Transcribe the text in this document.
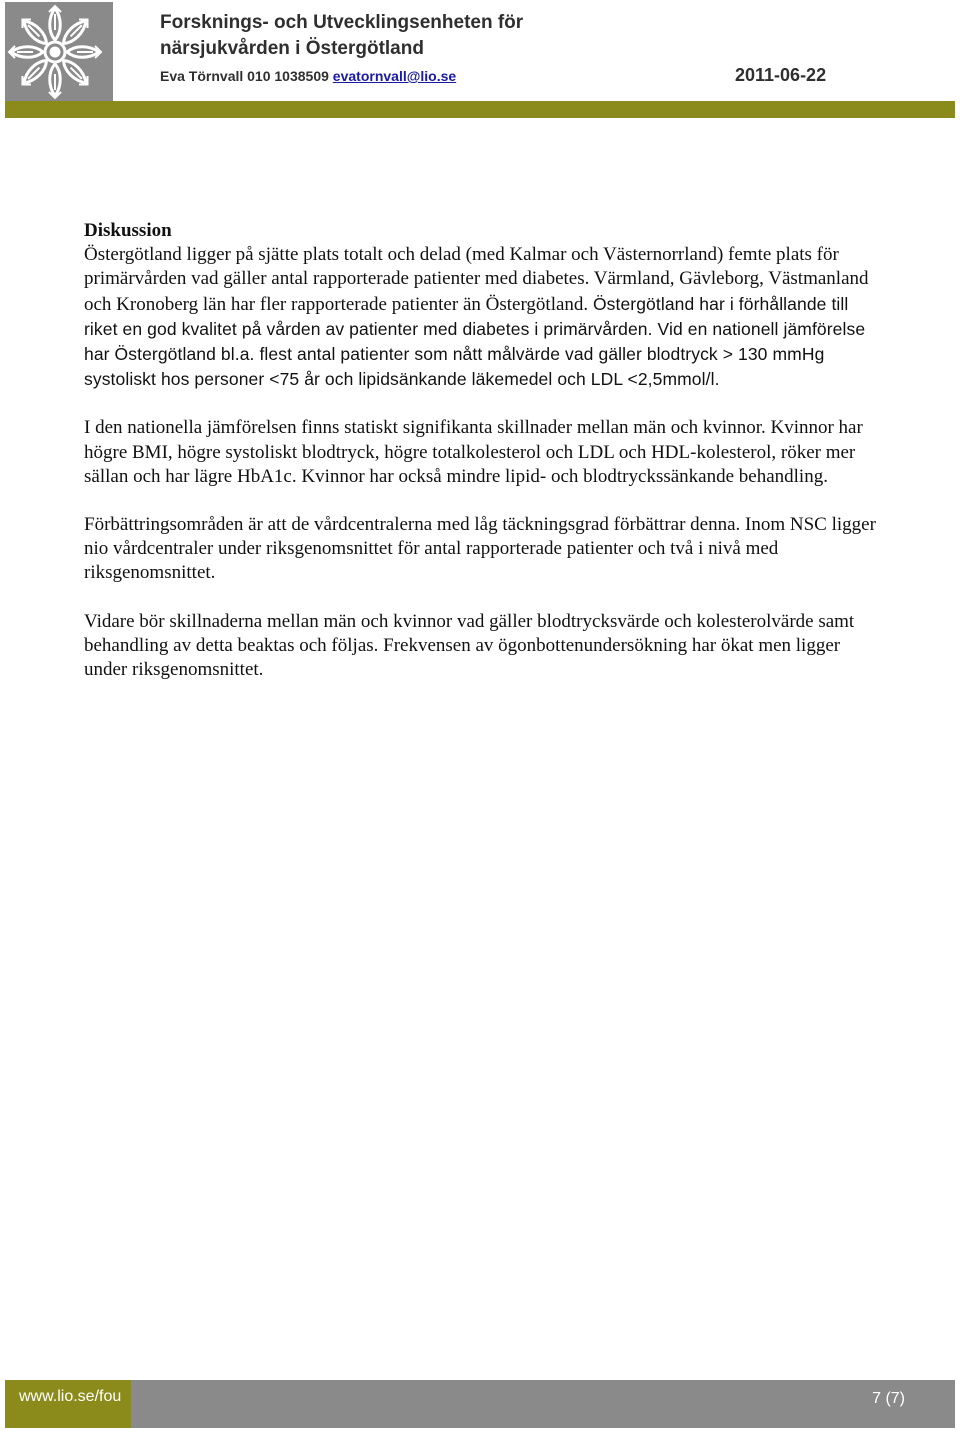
Forsknings- och Utvecklingsenheten för
närsjukvården i Östergötland
Eva Törnvall 010 1038509 evatornvall@lio.se	2011-06-22

Diskussion

Östergötland ligger på sjätte plats totalt och delad (med Kalmar och Västernorrland) femte plats för primärvården vad gäller antal rapporterade patienter med diabetes. Värmland, Gävleborg, Västmanland och Kronoberg län har fler rapporterade patienter än Östergötland. Östergötland har i förhållande till riket en god kvalitet på vården av patienter med diabetes i primärvården. Vid en nationell jämförelse har Östergötland bl.a. flest antal patienter som nått målvärde vad gäller blodtryck > 130 mmHg systoliskt hos personer <75 år och lipidsänkande läkemedel och LDL <2,5mmol/l.

I den nationella jämförelsen finns statiskt signifikanta skillnader mellan män och kvinnor. Kvinnor har högre BMI, högre systoliskt blodtryck, högre totalkolesterol och LDL och HDL-kolesterol, röker mer sällan och har lägre HbA1c. Kvinnor har också mindre lipid- och blodtryckssänkande behandling.

Förbättringsområden är att de vårdcentralerna med låg täckningsgrad förbättrar denna. Inom NSC ligger nio vårdcentraler under riksgenomsnittet för antal rapporterade patienter och två i nivå med riksgenomsnittet.

Vidare bör skillnaderna mellan män och kvinnor vad gäller blodtrycksvärde och kolesterolvärde samt behandling av detta beaktas och följas. Frekvensen av ögonbottenundersökning har ökat men ligger under riksgenomsnittet.

www.lio.se/fou	7 (7)
